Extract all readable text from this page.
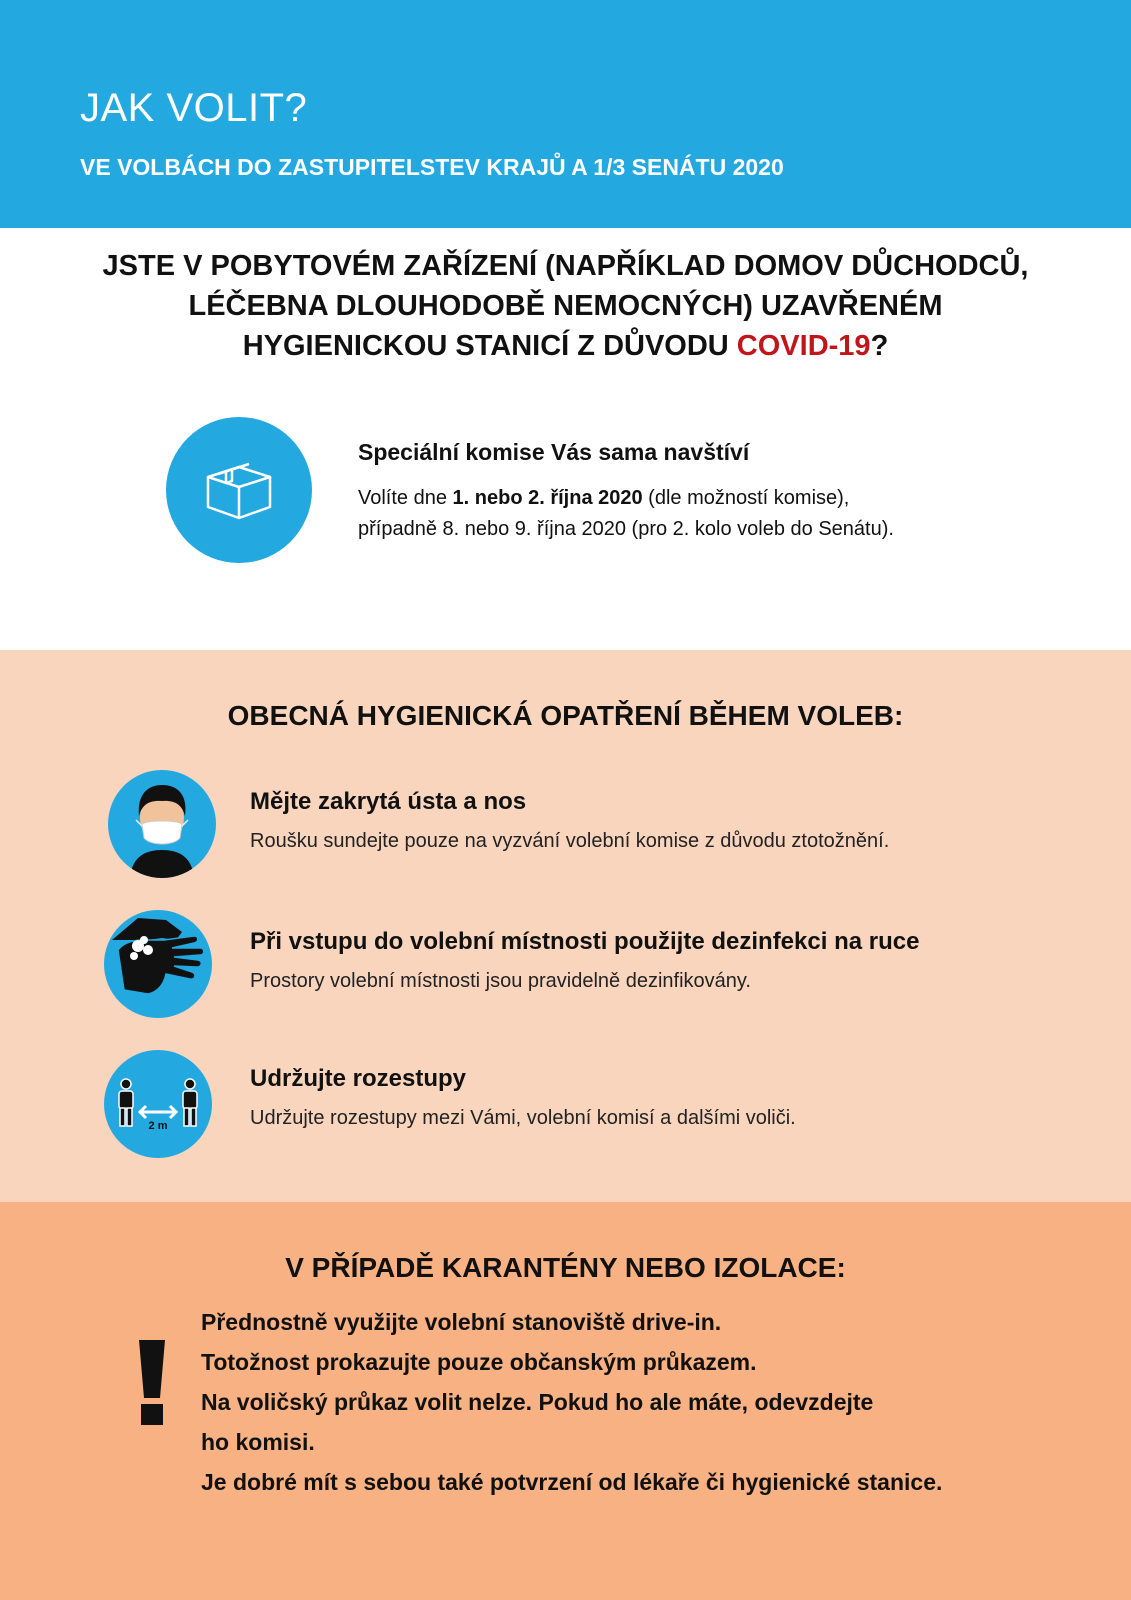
JAK VOLIT?
VE VOLBÁCH DO ZASTUPITELSTEV KRAJŮ A 1/3 SENÁTU 2020
JSTE V POBYTOVÉM ZAŘÍZENÍ (NAPŘÍKLAD DOMOV DŮCHODCŮ,
LÉČEBNA DLOUHODOBĚ NEMOCNÝCH) UZAVŘENÉM
HYGIENICKOU STANICÍ Z DŮVODU COVID-19?
Speciální komise Vás sama navštíví
Volíte dne 1. nebo 2. října 2020 (dle možností komise),
případně 8. nebo 9. října 2020 (pro 2. kolo voleb do Senátu).
OBECNÁ HYGIENICKÁ OPATŘENÍ BĚHEM VOLEB:
Mějte zakrytá ústa a nos
Roušku sundejte pouze na vyzvání volební komise z důvodu ztotožnění.
Při vstupu do volební místnosti použijte dezinfekci na ruce
Prostory volební místnosti jsou pravidelně dezinfikovány.
2 m
Udržujte rozestupy
Udržujte rozestupy mezi Vámi, volební komisí a dalšími voliči.
V PŘÍPADĚ KARANTÉNY NEBO IZOLACE:
Přednostně využijte volební stanoviště drive-in.
Totožnost prokazujte pouze občanským průkazem.
Na voličský průkaz volit nelze. Pokud ho ale máte, odevzdejte
ho komisi.
Je dobré mít s sebou také potvrzení od lékaře či hygienické stanice.
